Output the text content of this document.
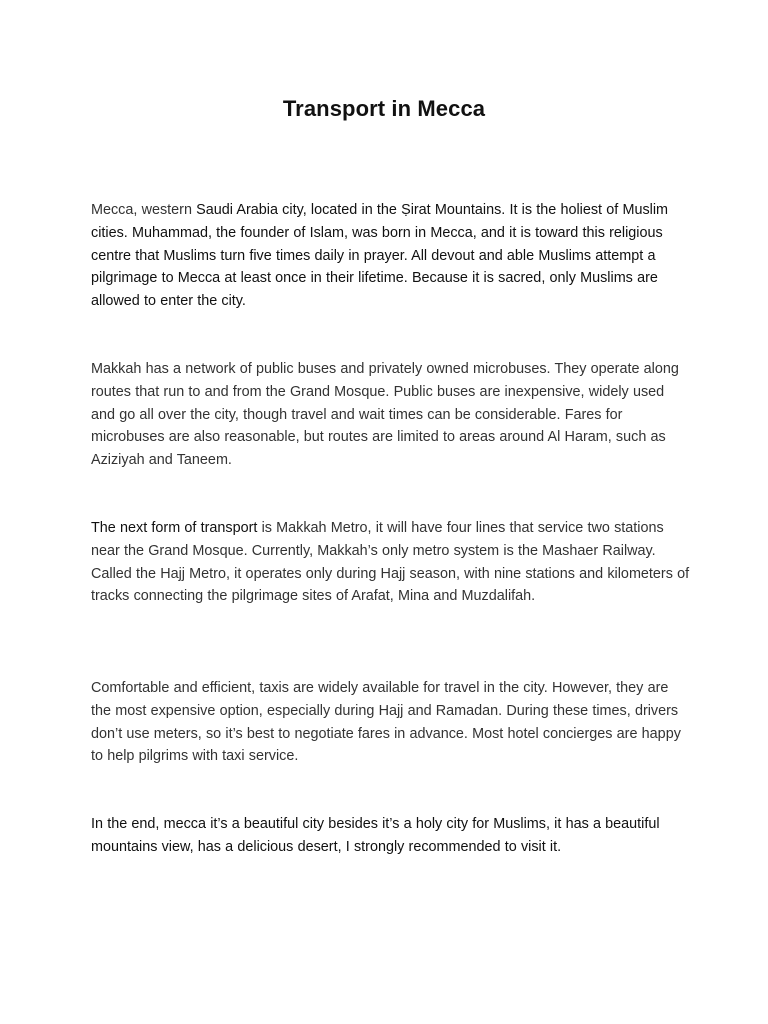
Transport in Mecca

Mecca, western Saudi Arabia city, located in the Ṣirat Mountains. It is the holiest of Muslim cities. Muhammad, the founder of Islam, was born in Mecca, and it is toward this religious centre that Muslims turn five times daily in prayer. All devout and able Muslims attempt a pilgrimage to Mecca at least once in their lifetime. Because it is sacred, only Muslims are allowed to enter the city.

Makkah has a network of public buses and privately owned microbuses. They operate along routes that run to and from the Grand Mosque. Public buses are inexpensive, widely used and go all over the city, though travel and wait times can be considerable. Fares for microbuses are also reasonable, but routes are limited to areas around Al Haram, such as Aziziyah and Taneem.

The next form of transport is Makkah Metro, it will have four lines that service two stations near the Grand Mosque. Currently, Makkah’s only metro system is the Mashaer Railway. Called the Hajj Metro, it operates only during Hajj season, with nine stations and kilometers of tracks connecting the pilgrimage sites of Arafat, Mina and Muzdalifah.

Comfortable and efficient, taxis are widely available for travel in the city. However, they are the most expensive option, especially during Hajj and Ramadan. During these times, drivers don’t use meters, so it’s best to negotiate fares in advance. Most hotel concierges are happy to help pilgrims with taxi service.

In the end, mecca it’s a beautiful city besides it’s a holy city for Muslims, it has a beautiful mountains view, has a delicious desert, I strongly recommended to visit it.
